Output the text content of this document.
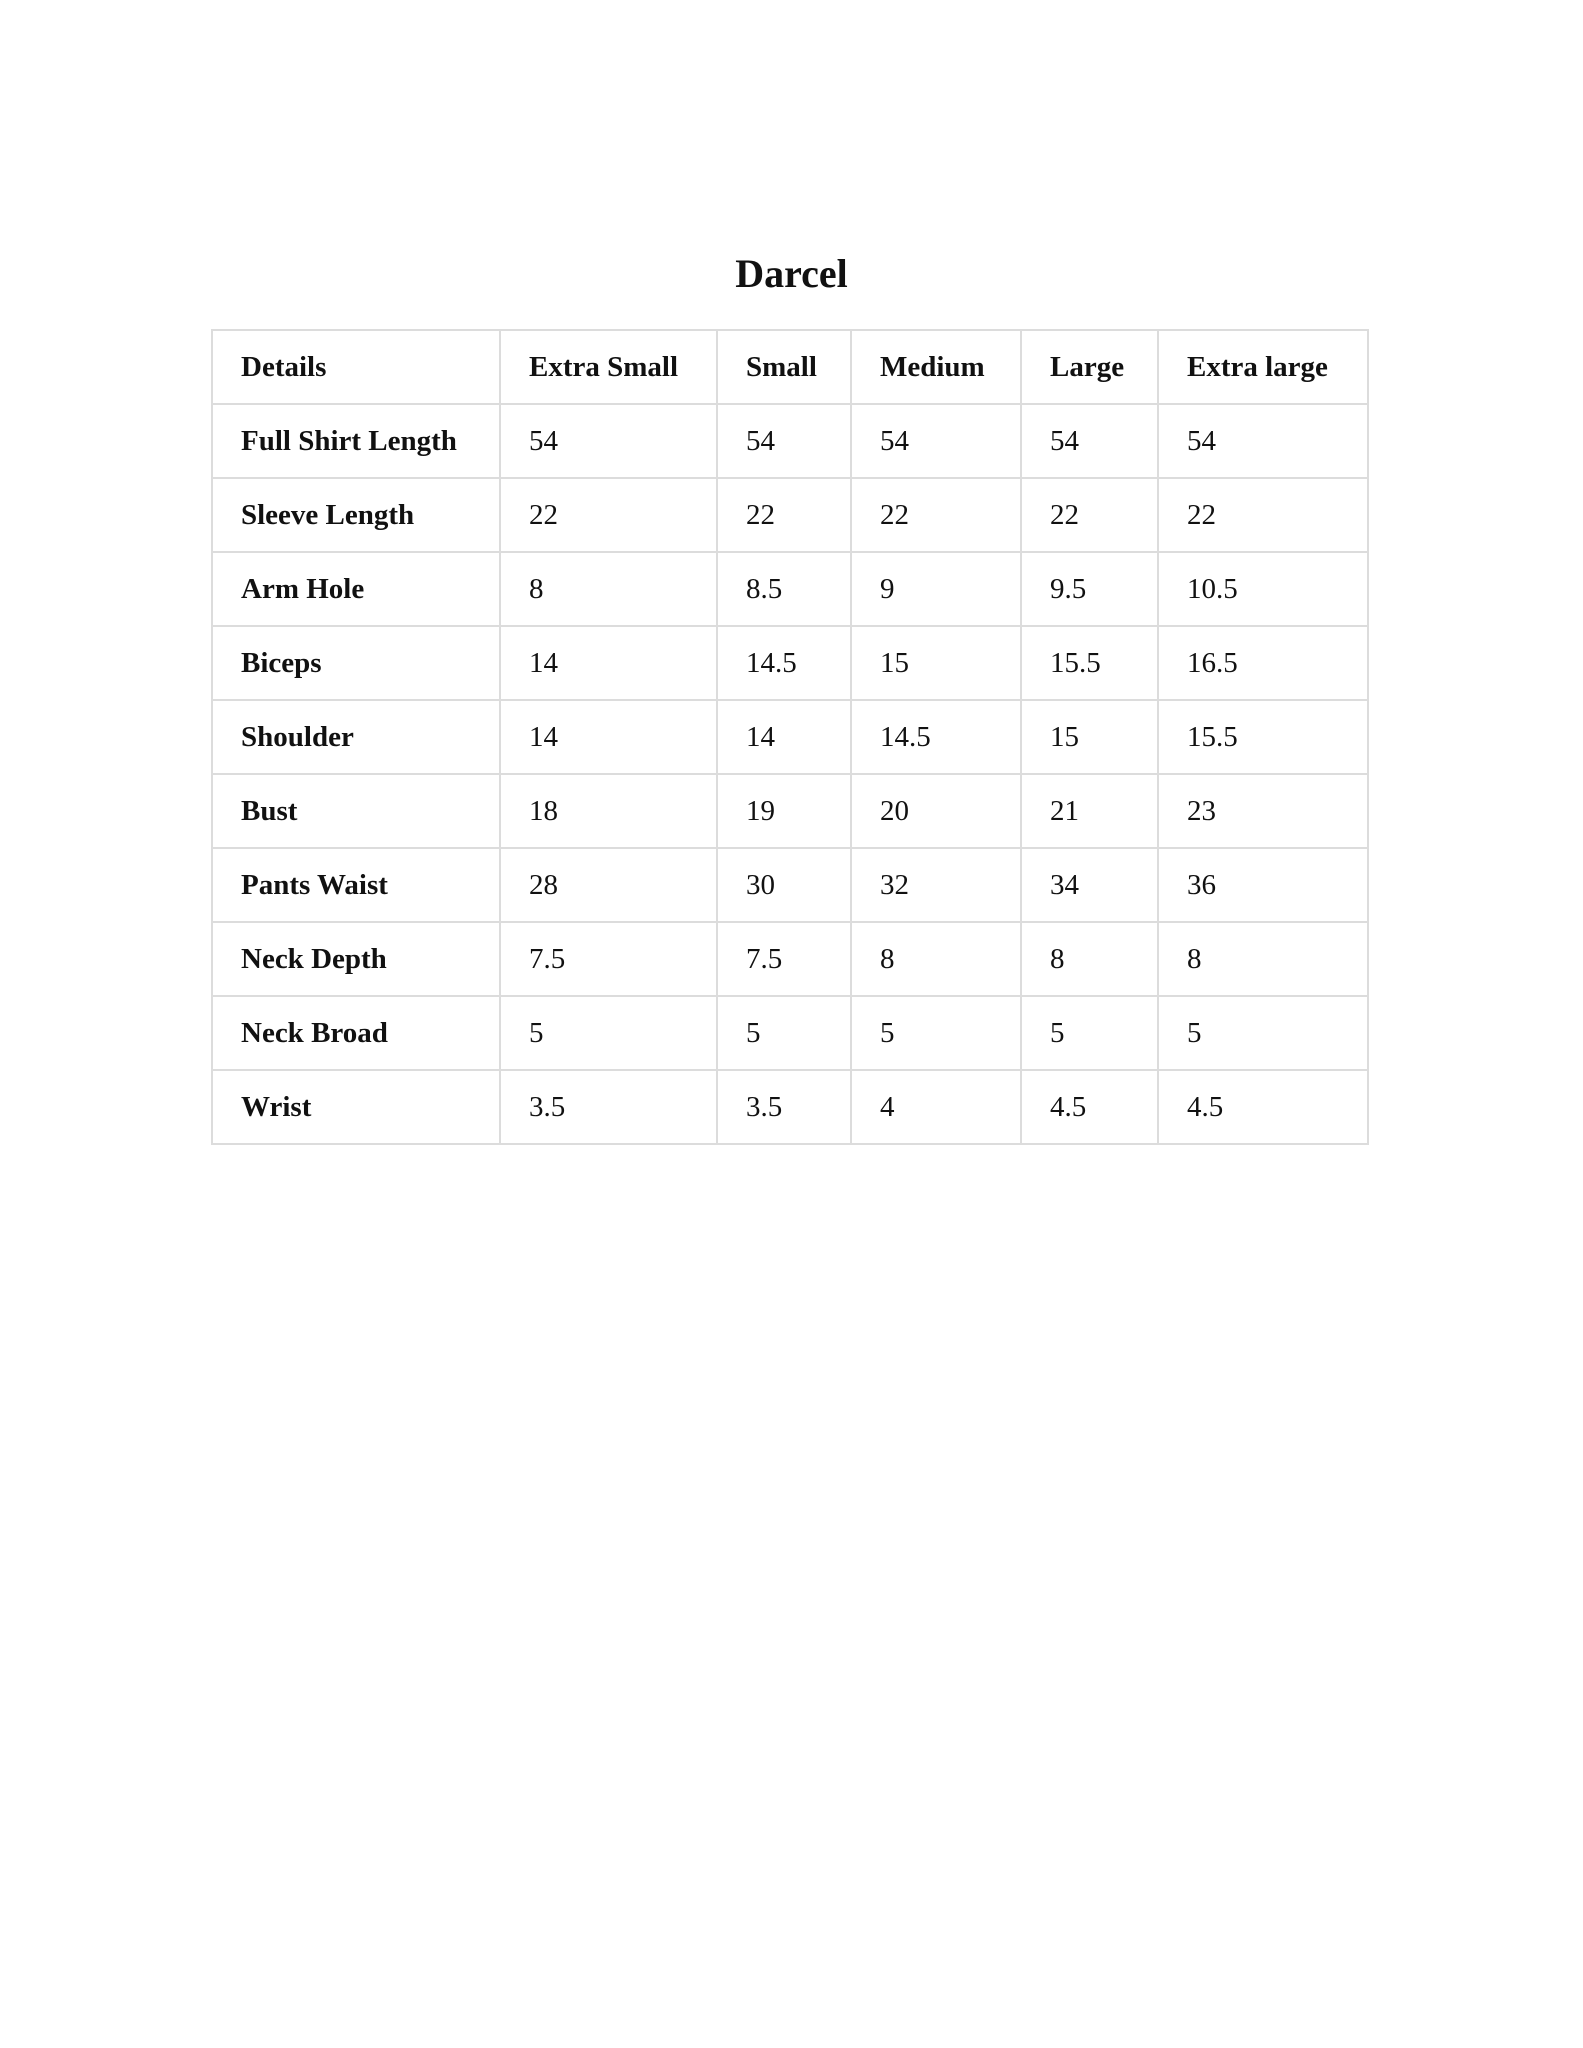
Darcel
Details	Extra Small	Small	Medium	Large	Extra large
Full Shirt Length	54	54	54	54	54
Sleeve Length	22	22	22	22	22
Arm Hole	8	8.5	9	9.5	10.5
Biceps	14	14.5	15	15.5	16.5
Shoulder	14	14	14.5	15	15.5
Bust	18	19	20	21	23
Pants Waist	28	30	32	34	36
Neck Depth	7.5	7.5	8	8	8
Neck Broad	5	5	5	5	5
Wrist	3.5	3.5	4	4.5	4.5
